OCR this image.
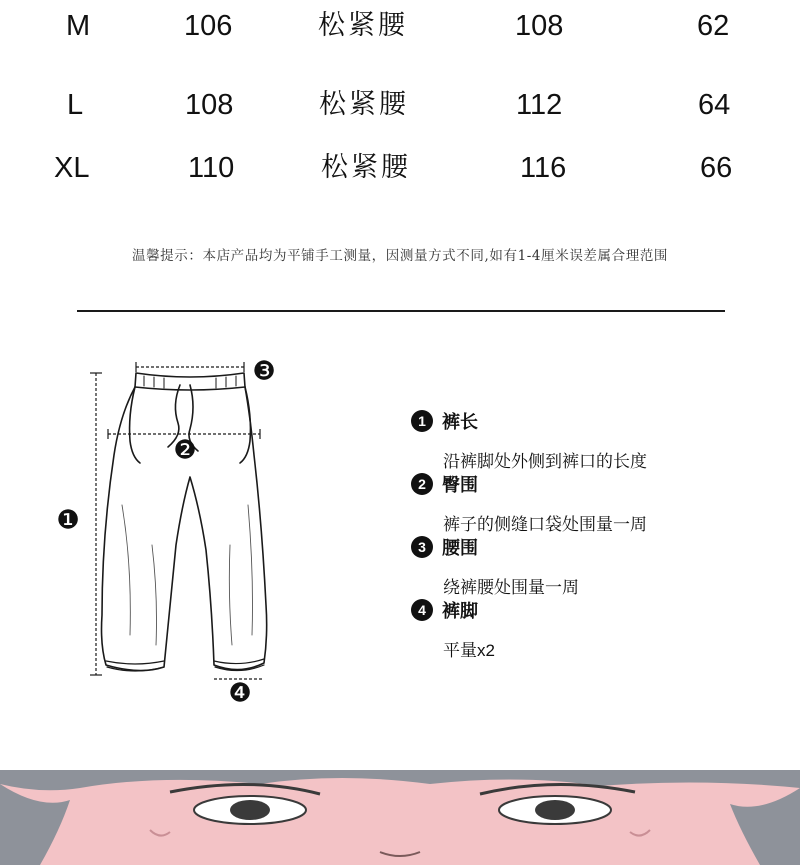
M	106	松紧腰	108	62
L	108	松紧腰	112	64
XL	110	松紧腰	116	66
温馨提示：本店产品均为平铺手工测量，因测量方式不同,如有1-4厘米误差属合理范围
❶
❷
❸
❹
1 裤长
沿裤脚处外侧到裤口的长度
2 臀围
裤子的侧缝口袋处围量一周
3 腰围
绕裤腰处围量一周
4 裤脚
平量x2
